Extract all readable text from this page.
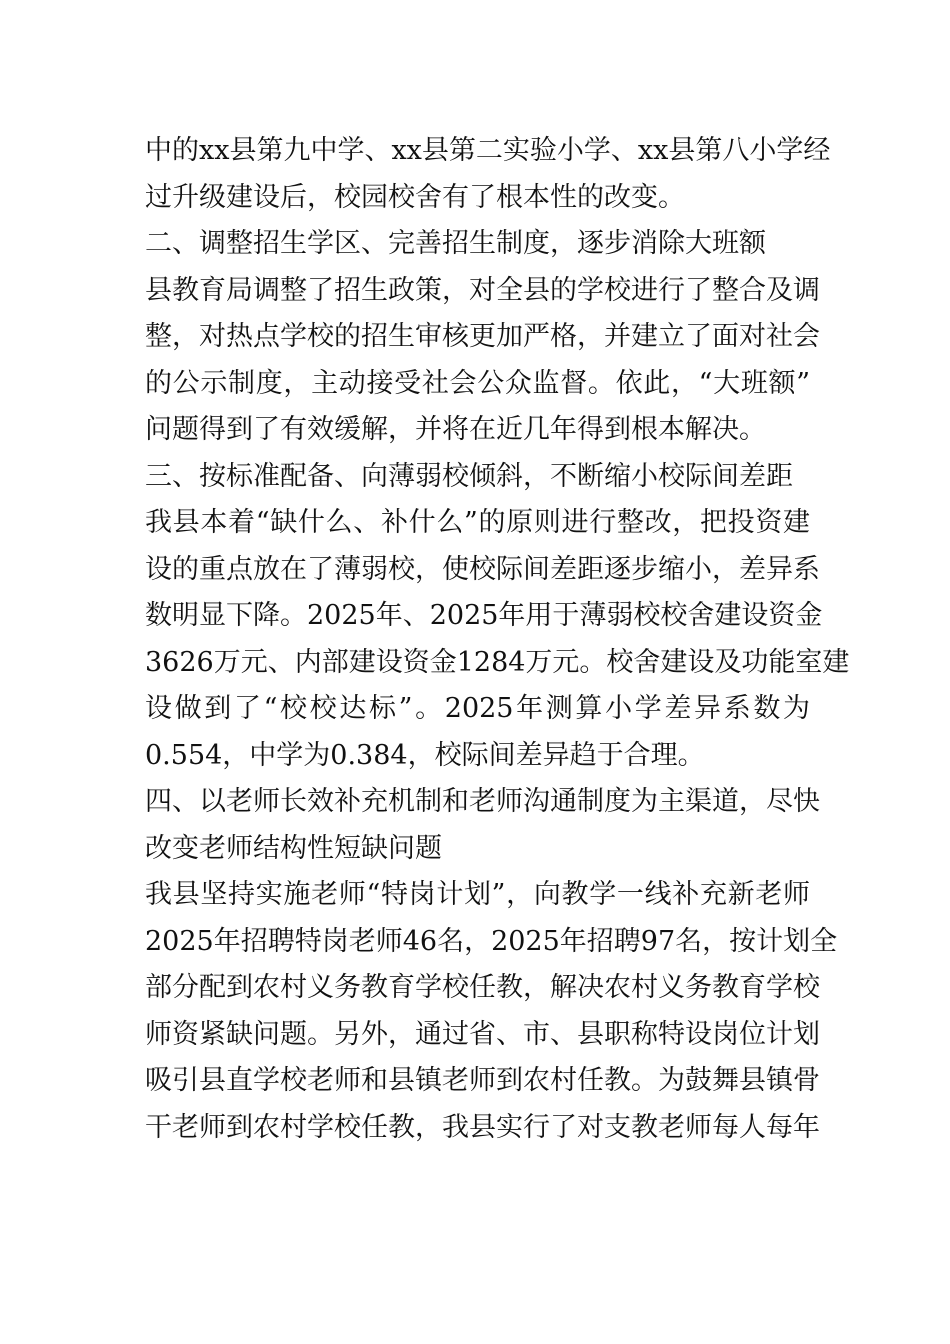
中的xx县第九中学、xx县第二实验小学、xx县第八小学经
过升级建设后，校园校舍有了根本性的改变。
二、调整招生学区、完善招生制度，逐步消除大班额
县教育局调整了招生政策，对全县的学校进行了整合及调
整，对热点学校的招生审核更加严格，并建立了面对社会
的公示制度，主动接受社会公众监督。依此，“大班额”
问题得到了有效缓解，并将在近几年得到根本解决。
三、按标准配备、向薄弱校倾斜，不断缩小校际间差距
我县本着“缺什么、补什么”的原则进行整改，把投资建
设的重点放在了薄弱校，使校际间差距逐步缩小，差异系
数明显下降。2025年、2025年用于薄弱校校舍建设资金
3626万元、内部建设资金1284万元。校舍建设及功能室建
设做到了“校校达标”。2025年测算小学差异系数为
0.554，中学为0.384，校际间差异趋于合理。
四、以老师长效补充机制和老师沟通制度为主渠道，尽快
改变老师结构性短缺问题
我县坚持实施老师“特岗计划”，向教学一线补充新老师
2025年招聘特岗老师46名，2025年招聘97名，按计划全
部分配到农村义务教育学校任教，解决农村义务教育学校
师资紧缺问题。另外，通过省、市、县职称特设岗位计划
吸引县直学校老师和县镇老师到农村任教。为鼓舞县镇骨
干老师到农村学校任教，我县实行了对支教老师每人每年
